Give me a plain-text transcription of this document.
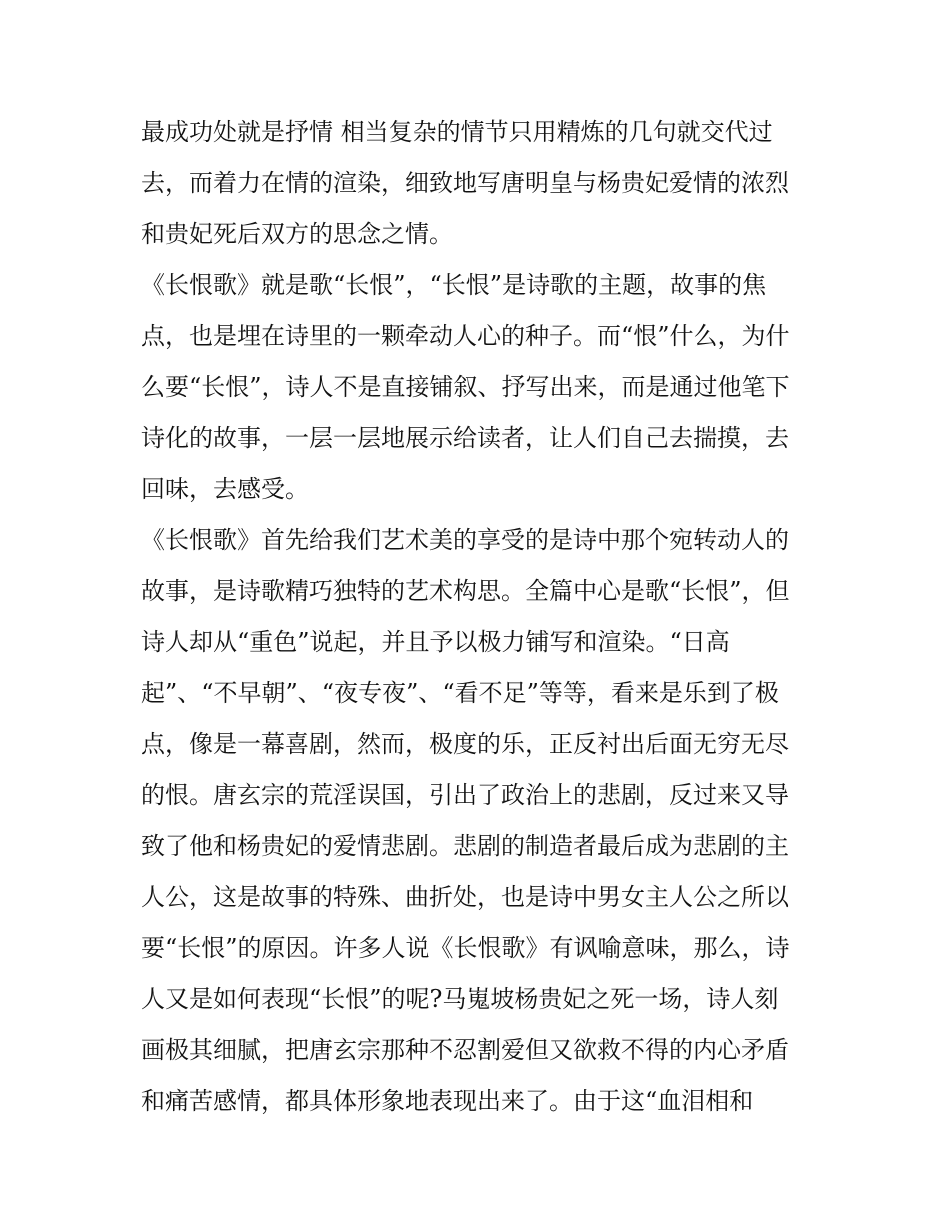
最成功处就是抒情 相当复杂的情节只用精炼的几句就交代过
去，而着力在情的渲染，细致地写唐明皇与杨贵妃爱情的浓烈
和贵妃死后双方的思念之情。
《长恨歌》就是歌“长恨”，“长恨”是诗歌的主题，故事的焦
点，也是埋在诗里的一颗牵动人心的种子。而“恨”什么，为什
么要“长恨”，诗人不是直接铺叙、抒写出来，而是通过他笔下
诗化的故事，一层一层地展示给读者，让人们自己去揣摸，去
回味，去感受。
《长恨歌》首先给我们艺术美的享受的是诗中那个宛转动人的
故事，是诗歌精巧独特的艺术构思。全篇中心是歌“长恨”，但
诗人却从“重色”说起，并且予以极力铺写和渲染。“日高
起”、“不早朝”、“夜专夜”、“看不足”等等，看来是乐到了极
点，像是一幕喜剧，然而，极度的乐，正反衬出后面无穷无尽
的恨。唐玄宗的荒淫误国，引出了政治上的悲剧，反过来又导
致了他和杨贵妃的爱情悲剧。悲剧的制造者最后成为悲剧的主
人公，这是故事的特殊、曲折处，也是诗中男女主人公之所以
要“长恨”的原因。许多人说《长恨歌》有讽喻意味，那么，诗
人又是如何表现“长恨”的呢?马嵬坡杨贵妃之死一场，诗人刻
画极其细腻，把唐玄宗那种不忍割爱但又欲救不得的内心矛盾
和痛苦感情，都具体形象地表现出来了。由于这“血泪相和
